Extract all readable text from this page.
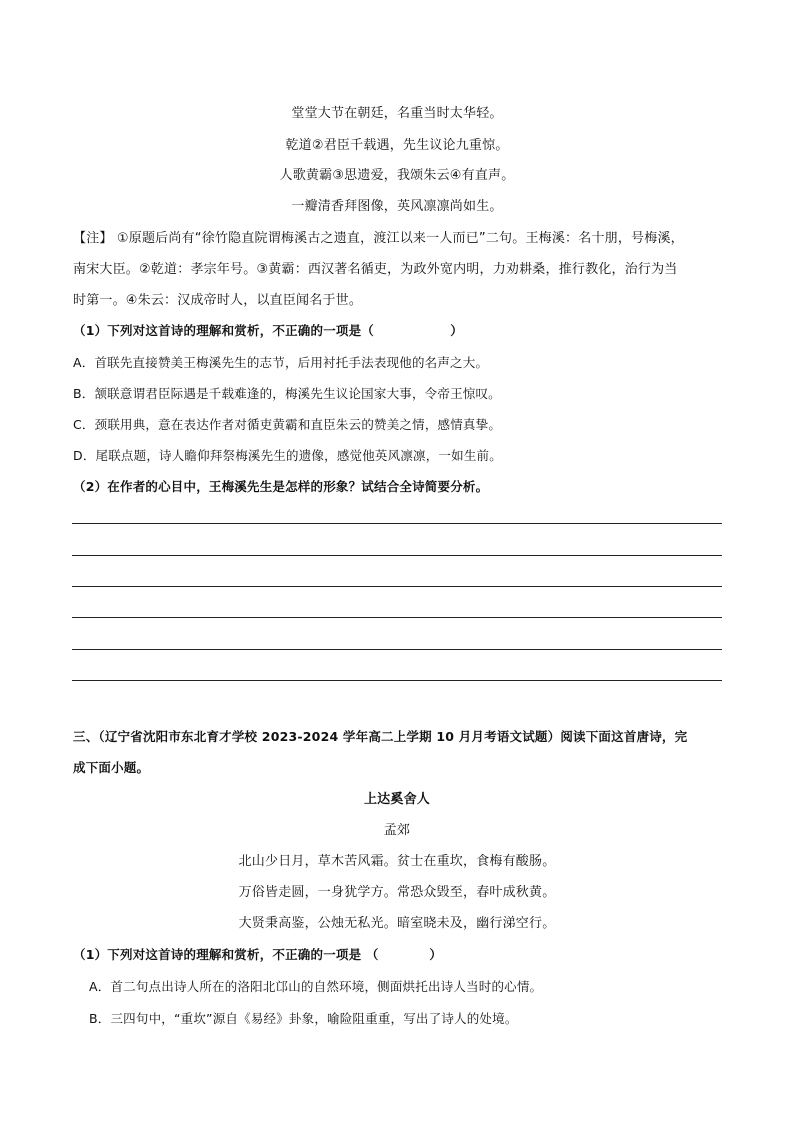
堂堂大节在朝廷，名重当时太华轻。
乾道②君臣千载遇，先生议论九重惊。
人歌黄霸③思遗爱，我颂朱云④有直声。
一瓣清香拜图像，英风凛凛尚如生。
【注】 ①原题后尚有“徐竹隐直院谓梅溪古之遗直，渡江以来一人而已”二句。王梅溪：名十朋，号梅溪，
南宋大臣。②乾道：孝宗年号。③黄霸：西汉著名循吏，为政外宽内明，力劝耕桑，推行教化，治行为当
时第一。④朱云：汉成帝时人，以直臣闻名于世。
（1）下列对这首诗的理解和赏析，不正确的一项是（　　　　　　）
A．首联先直接赞美王梅溪先生的志节，后用衬托手法表现他的名声之大。
B．颔联意谓君臣际遇是千载难逢的，梅溪先生议论国家大事，令帝王惊叹。
C．颈联用典，意在表达作者对循吏黄霸和直臣朱云的赞美之情，感情真挚。
D．尾联点题，诗人瞻仰拜祭梅溪先生的遗像，感觉他英风凛凛，一如生前。
（2）在作者的心目中，王梅溪先生是怎样的形象？试结合全诗简要分析。
三、（辽宁省沈阳市东北育才学校 2023-2024 学年高二上学期 10 月月考语文试题）阅读下面这首唐诗，完
成下面小题。
上达奚舍人
孟郊
北山少日月，草木苦风霜。贫士在重坎，食梅有酸肠。
万俗皆走圆，一身犹学方。常恐众毁至，春叶成秋黄。
大贤秉高鉴，公烛无私光。暗室晓未及，幽行涕空行。
（1）下列对这首诗的理解和赏析，不正确的一项是 （　　　　）
A．首二句点出诗人所在的洛阳北邙山的自然环境，侧面烘托出诗人当时的心情。
B．三四句中，“重坎”源自《易经》卦象，喻险阻重重，写出了诗人的处境。
